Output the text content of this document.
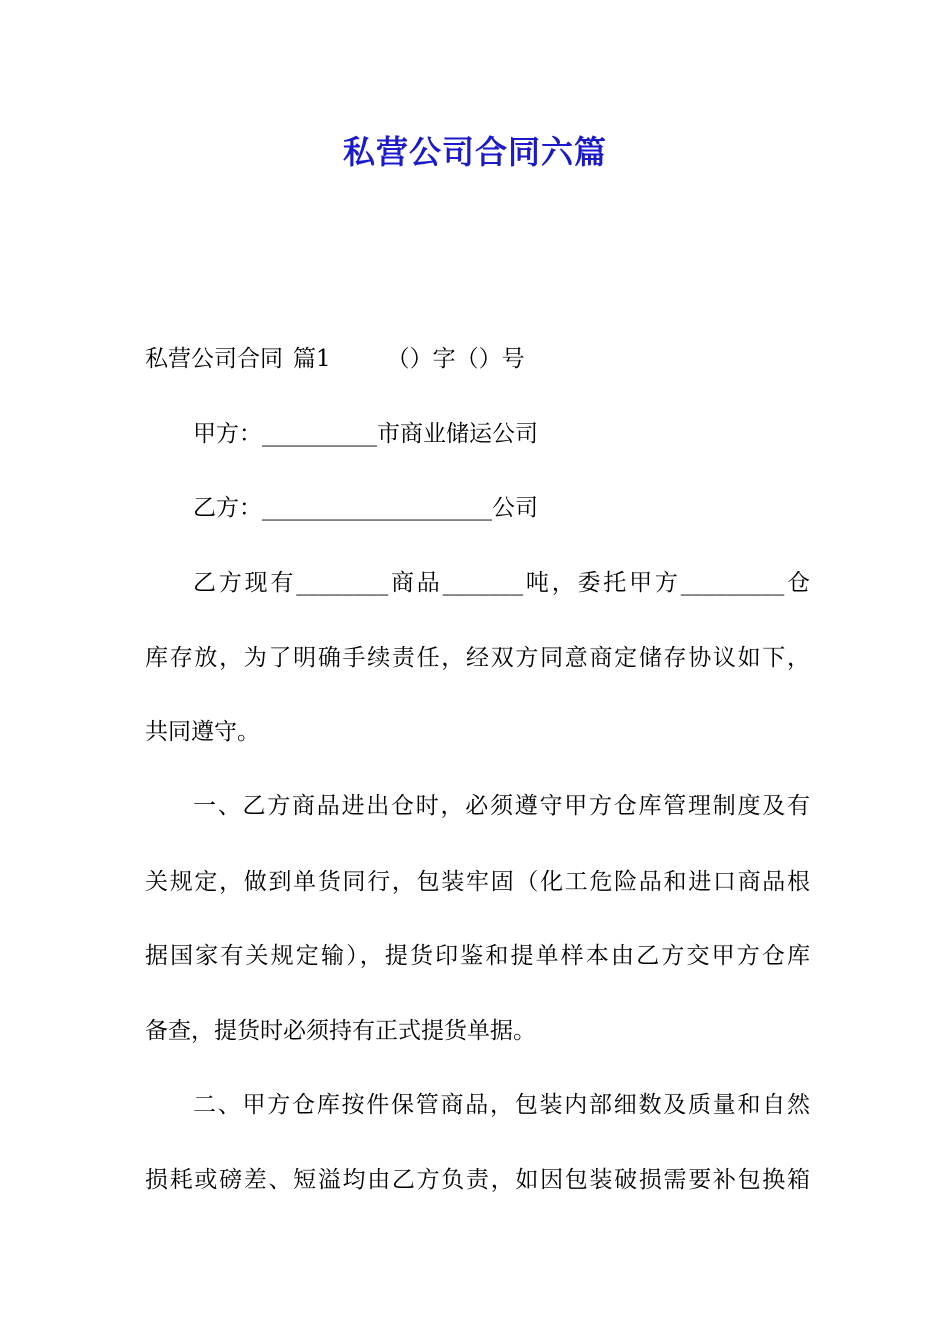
私营公司合同六篇

私营公司合同 篇1 （）字（）号

甲方：__________市商业储运公司

乙方：____________________公司

乙方现有________商品_______吨，委托甲方_________仓

库存放，为了明确手续责任，经双方同意商定储存协议如下，

共同遵守。

一、乙方商品进出仓时，必须遵守甲方仓库管理制度及有

关规定，做到单货同行，包装牢固（化工危险品和进口商品根

据国家有关规定输），提货印鉴和提单样本由乙方交甲方仓库

备查，提货时必须持有正式提货单据。

二、甲方仓库按件保管商品，包装内部细数及质量和自然

损耗或磅差、短溢均由乙方负责，如因包装破损需要补包换箱
